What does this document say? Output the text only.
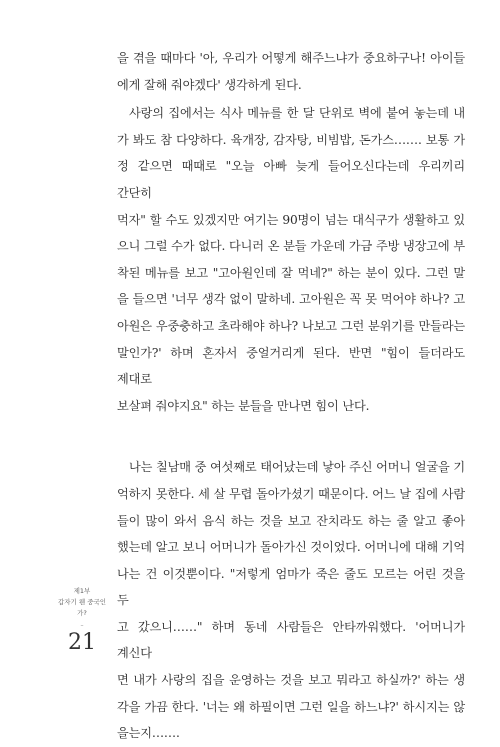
을 겪을 때마다 '아, 우리가 어떻게 해주느냐가 중요하구나! 아이들

에게 잘해 줘야겠다' 생각하게 된다.

사랑의 집에서는 식사 메뉴를 한 달 단위로 벽에 붙여 놓는데 내

가 봐도 참 다양하다. 육개장, 감자탕, 비빔밥, 돈가스……. 보통 가

정 같으면 때때로 "오늘 아빠 늦게 들어오신다는데 우리끼리 간단히

먹자" 할 수도 있겠지만 여기는 90명이 넘는 대식구가 생활하고 있

으니 그럴 수가 없다. 다니러 온 분들 가운데 가금 주방 냉장고에 부

착된 메뉴를 보고 "고아원인데 잘 먹네?" 하는 분이 있다. 그런 말

을 들으면 '너무 생각 없이 말하네. 고아원은 꼭 못 먹어야 하나? 고

아원은 우중충하고 초라해야 하나? 나보고 그런 분위기를 만들라는

말인가?' 하며 혼자서 중얼거리게 된다. 반면 "힘이 들더라도 제대로

보살펴 줘야지요" 하는 분들을 만나면 힘이 난다.

나는 칠남매 중 여섯째로 태어났는데 낳아 주신 어머니 얼굴을 기

억하지 못한다. 세 살 무렵 돌아가셨기 때문이다. 어느 날 집에 사람

들이 많이 와서 음식 하는 것을 보고 잔치라도 하는 줄 알고 좋아

했는데 알고 보니 어머니가 돌아가신 것이었다. 어머니에 대해 기억

나는 건 이것뿐이다. "저렇게 엄마가 죽은 줄도 모르는 어린 것을 두

고 갔으니……" 하며 동네 사람들은 안타까워했다. '어머니가 계신다

면 내가 사랑의 집을 운영하는 것을 보고 뭐라고 하실까?' 하는 생

각을 가끔 한다. '너는 왜 하필이면 그런 일을 하느냐?' 하시지는 않

을는지…….

제1부
갑자기 웬 중국인가?
–
21
